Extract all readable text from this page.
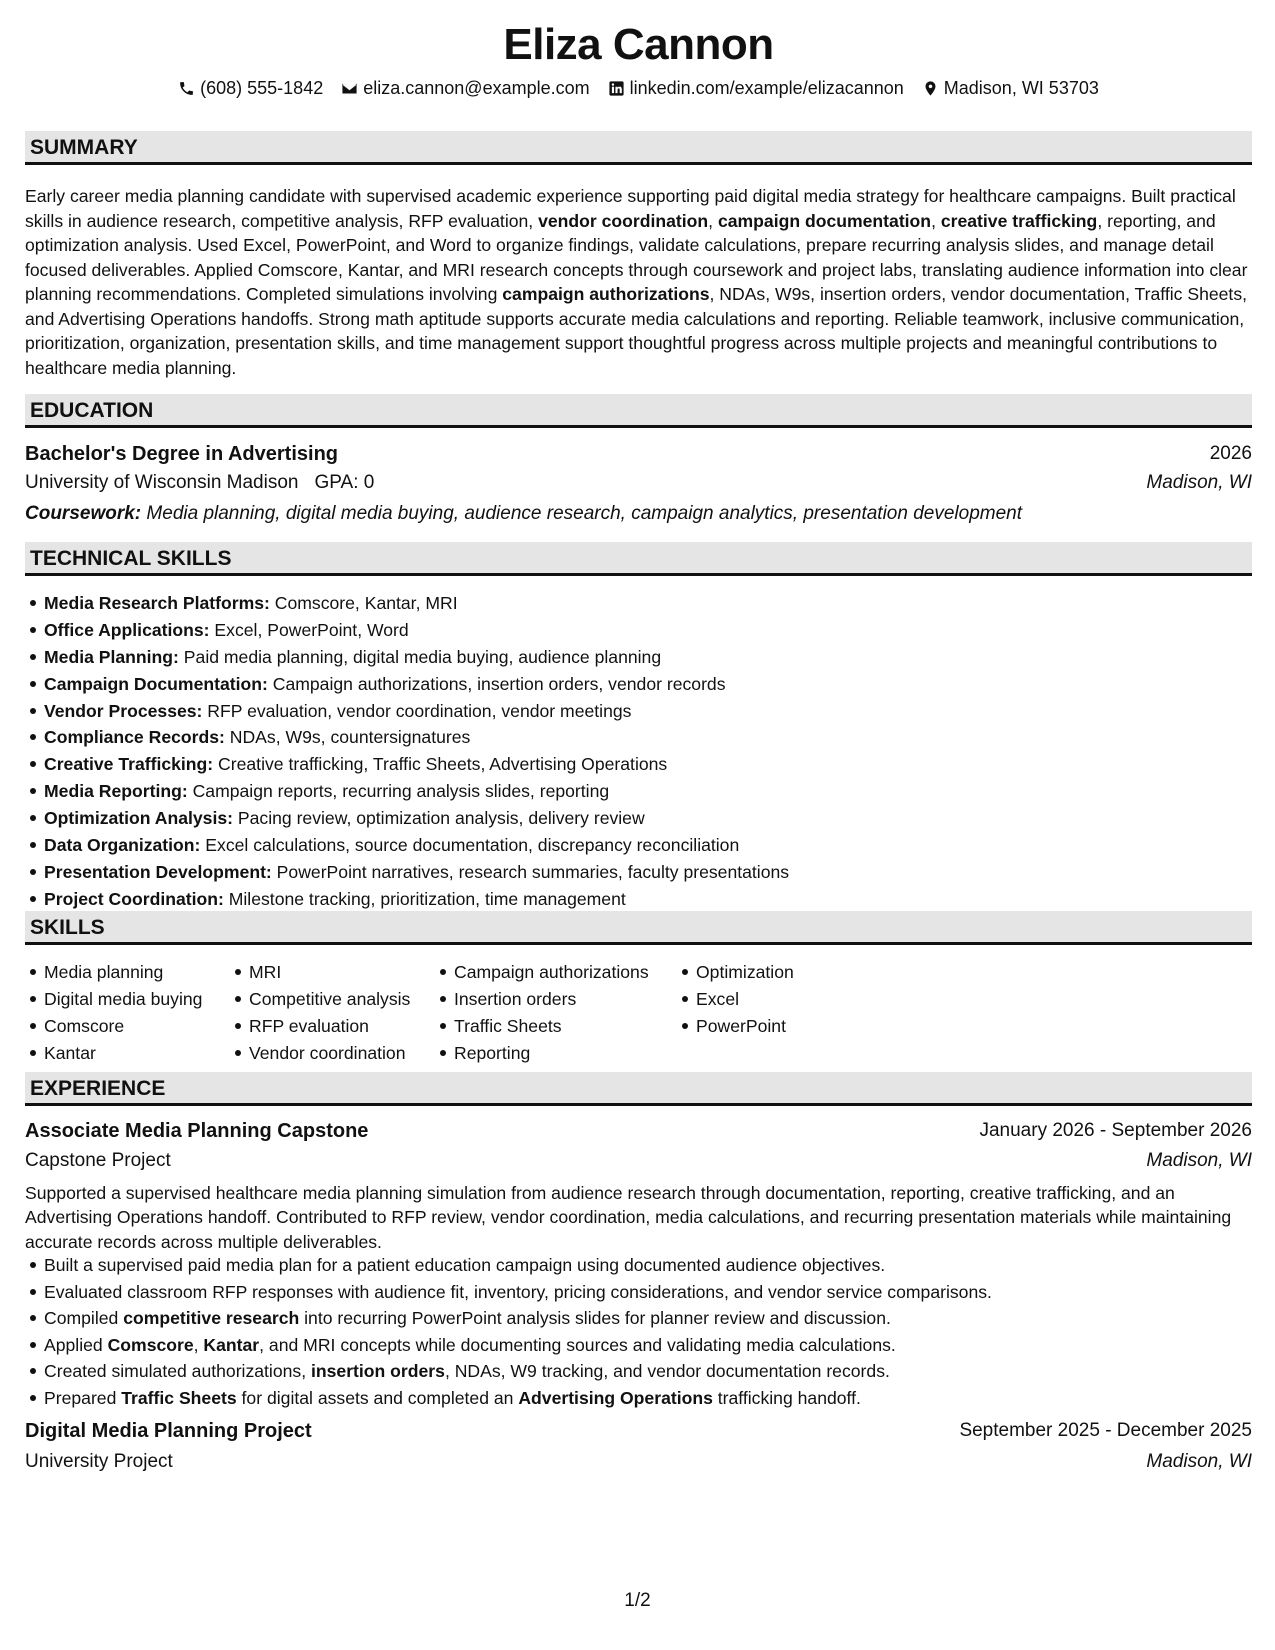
Eliza Cannon
(608) 555-1842 eliza.cannon@example.com linkedin.com/example/elizacannon Madison, WI 53703
SUMMARY

Early career media planning candidate with supervised academic experience supporting paid digital media strategy for healthcare campaigns. Built practical skills in audience research, competitive analysis, RFP evaluation, vendor coordination, campaign documentation, creative trafficking, reporting, and optimization analysis. Used Excel, PowerPoint, and Word to organize findings, validate calculations, prepare recurring analysis slides, and manage detail focused deliverables. Applied Comscore, Kantar, and MRI research concepts through coursework and project labs, translating audience information into clear planning recommendations. Completed simulations involving campaign authorizations, NDAs, W9s, insertion orders, vendor documentation, Traffic Sheets, and Advertising Operations handoffs. Strong math aptitude supports accurate media calculations and reporting. Reliable teamwork, inclusive communication, prioritization, organization, presentation skills, and time management support thoughtful progress across multiple projects and meaningful contributions to healthcare media planning.

EDUCATION
Bachelor's Degree in Advertising	2026
University of Wisconsin Madison GPA: 0	Madison, WI
Coursework: Media planning, digital media buying, audience research, campaign analytics, presentation development
TECHNICAL SKILLS
Media Research Platforms: Comscore, Kantar, MRI
Office Applications: Excel, PowerPoint, Word
Media Planning: Paid media planning, digital media buying, audience planning
Campaign Documentation: Campaign authorizations, insertion orders, vendor records
Vendor Processes: RFP evaluation, vendor coordination, vendor meetings
Compliance Records: NDAs, W9s, countersignatures
Creative Trafficking: Creative trafficking, Traffic Sheets, Advertising Operations
Media Reporting: Campaign reports, recurring analysis slides, reporting
Optimization Analysis: Pacing review, optimization analysis, delivery review
Data Organization: Excel calculations, source documentation, discrepancy reconciliation
Presentation Development: PowerPoint narratives, research summaries, faculty presentations
Project Coordination: Milestone tracking, prioritization, time management
SKILLS
Media planning
Digital media buying
Comscore
Kantar
MRI
Competitive analysis
RFP evaluation
Vendor coordination
Campaign authorizations
Insertion orders
Traffic Sheets
Reporting
Optimization
Excel
PowerPoint
EXPERIENCE
Associate Media Planning Capstone	January 2026 - September 2026
Capstone Project	Madison, WI

Supported a supervised healthcare media planning simulation from audience research through documentation, reporting, creative trafficking, and an Advertising Operations handoff. Contributed to RFP review, vendor coordination, media calculations, and recurring presentation materials while maintaining accurate records across multiple deliverables.

Built a supervised paid media plan for a patient education campaign using documented audience objectives.
Evaluated classroom RFP responses with audience fit, inventory, pricing considerations, and vendor service comparisons.
Compiled competitive research into recurring PowerPoint analysis slides for planner review and discussion.
Applied Comscore, Kantar, and MRI concepts while documenting sources and validating media calculations.
Created simulated authorizations, insertion orders, NDAs, W9 tracking, and vendor documentation records.
Prepared Traffic Sheets for digital assets and completed an Advertising Operations trafficking handoff.
Digital Media Planning Project	September 2025 - December 2025
University Project	Madison, WI
1/2
